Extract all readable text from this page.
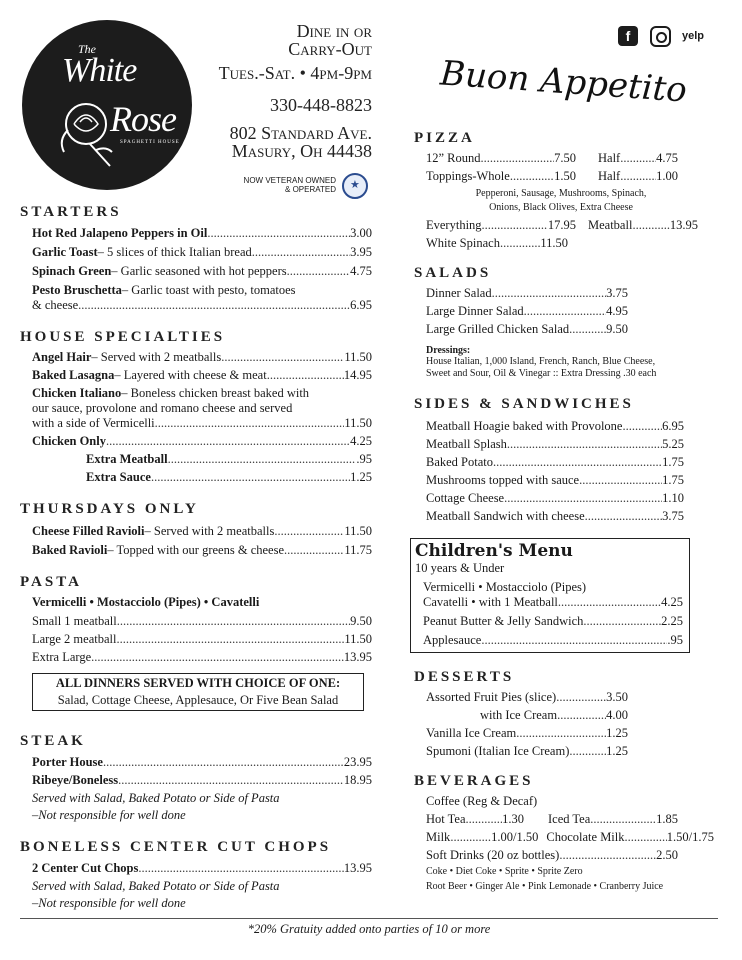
The
White
Rose
SPAGHETTI HOUSE
Dine in or
Carry-Out
Tues.-Sat. • 4pm-9pm
330-448-8823
802 Standard Ave.
Masury, Oh 44438
NOW VETERAN OWNED
& OPERATED ★
f	yelp
Buon Appetito
STARTERS
Hot Red Jalapeno Peppers in Oil .....	3.00
Garlic Toast – 5 slices of thick Italian bread .....	3.95
Spinach Green – Garlic seasoned with hot peppers .....	4.75
Pesto Bruschetta – Garlic toast with pesto, tomatoes
& cheese .....	6.95
HOUSE SPECIALTIES
Angel Hair – Served with 2 meatballs .....	11.50
Baked Lasagna – Layered with cheese & meat .....	14.95
Chicken Italiano – Boneless chicken breast baked with
our sauce, provolone and romano cheese and served
with a side of Vermicelli .....	11.50
Chicken Only .....	4.25
Extra Meatball .....	.95
Extra Sauce .....	1.25
THURSDAYS ONLY
Cheese Filled Ravioli – Served with 2 meatballs .....	11.50
Baked Ravioli – Topped with our greens & cheese .....	11.75
PASTA
Vermicelli • Mostacciolo (Pipes) • Cavatelli
Small 1 meatball .....	9.50
Large 2 meatball .....	11.50
Extra Large .....	13.95
ALL DINNERS SERVED WITH CHOICE OF ONE:
Salad, Cottage Cheese, Applesauce, Or Five Bean Salad
STEAK
Porter House .....	23.95
Ribeye/Boneless .....	18.95
Served with Salad, Baked Potato or Side of Pasta
–Not responsible for well done
BONELESS CENTER CUT CHOPS
2 Center Cut Chops .....	13.95
Served with Salad, Baked Potato or Side of Pasta
–Not responsible for well done
PIZZA
12” Round .....	7.50 Half .....	4.75
Toppings-Whole .....	1.50 Half .....	1.00
Pepperoni, Sausage, Mushrooms, Spinach,
Onions, Black Olives, Extra Cheese
Everything .....	17.95 Meatball .....	13.95
White Spinach .....	11.50
SALADS
Dinner Salad .....	3.75
Large Dinner Salad .....	4.95
Large Grilled Chicken Salad .....	9.50
Dressings:
House Italian, 1,000 Island, French, Ranch, Blue Cheese,
Sweet and Sour, Oil & Vinegar :: Extra Dressing .30 each
SIDES & SANDWICHES
Meatball Hoagie baked with Provolone .....	6.95
Meatball Splash .....	5.25
Baked Potato .....	1.75
Mushrooms topped with sauce .....	1.75
Cottage Cheese .....	1.10
Meatball Sandwich with cheese .....	3.75
Children's Menu
10 years & Under
Vermicelli • Mostacciolo (Pipes)
Cavatelli • with 1 Meatball .....	4.25
Peanut Butter & Jelly Sandwich .....	2.25
Applesauce .....	.95
DESSERTS
Assorted Fruit Pies (slice) .....	3.50
with Ice Cream .....	4.00
Vanilla Ice Cream .....	1.25
Spumoni (Italian Ice Cream) .....	1.25
BEVERAGES
Coffee (Reg & Decaf)
Hot Tea .....	1.30 Iced Tea .....	1.85
Milk .....	1.00/1.50 Chocolate Milk .....	1.50/1.75
Soft Drinks (20 oz bottles) .....	2.50
Coke • Diet Coke • Sprite • Sprite Zero
Root Beer • Ginger Ale • Pink Lemonade • Cranberry Juice
*20% Gratuity added onto parties of 10 or more
